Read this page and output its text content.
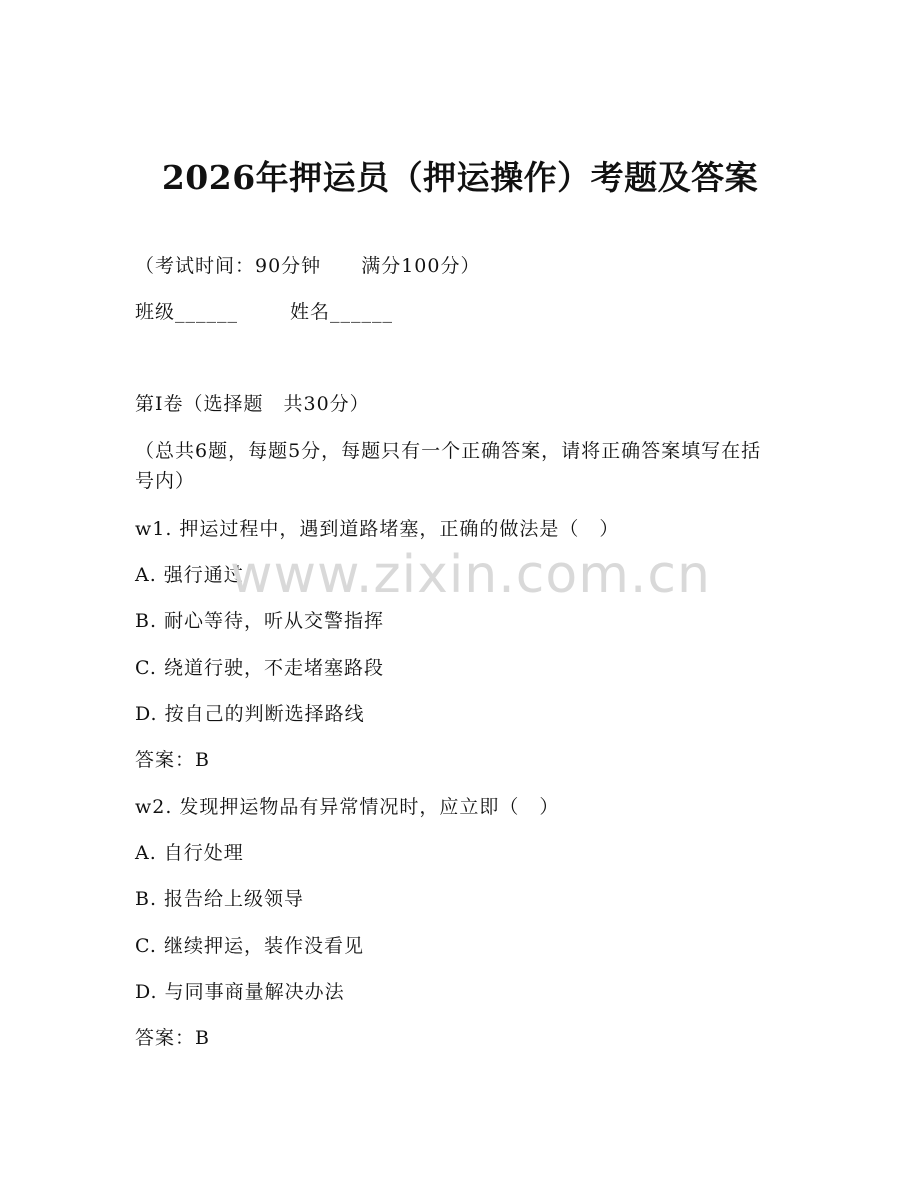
2026年押运员（押运操作）考题及答案
（考试时间：90分钟 满分100分）
班级______	姓名______
第I卷（选择题　共30分）
（总共6题，每题5分，每题只有一个正确答案，请将正确答案填写在括号内）
w1. 押运过程中，遇到道路堵塞，正确的做法是（　）
A. 强行通过
B. 耐心等待，听从交警指挥
C. 绕道行驶，不走堵塞路段
D. 按自己的判断选择路线
答案：B
w2. 发现押运物品有异常情况时，应立即（　）
A. 自行处理
B. 报告给上级领导
C. 继续押运，装作没看见
D. 与同事商量解决办法
答案：B
www.zixin.com.cn
